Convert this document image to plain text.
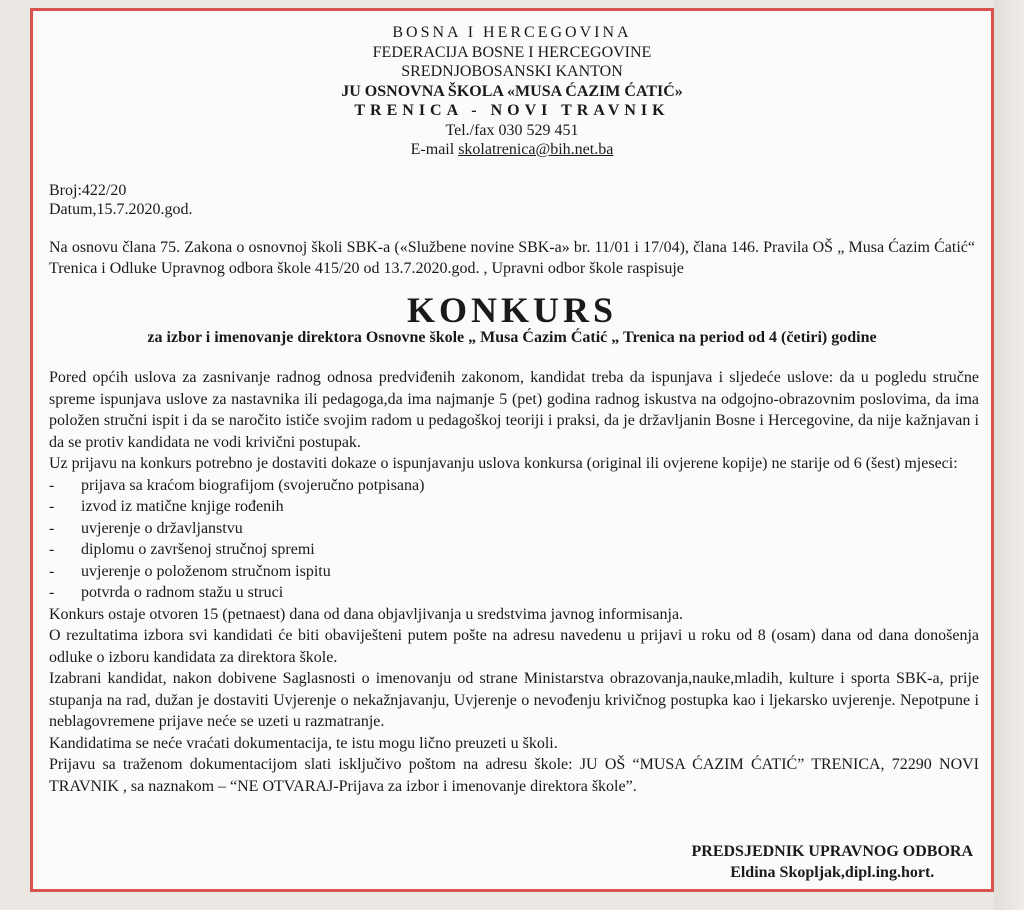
BOSNA I HERCEGOVINA
FEDERACIJA BOSNE I HERCEGOVINE
SREDNJOBOSANSKI KANTON
JU OSNOVNA ŠKOLA «MUSA ĆAZIM ĆATIĆ»
TRENICA - NOVI TRAVNIK
Tel./fax 030 529 451
E-mail skolatrenica@bih.net.ba
Broj:422/20
Datum,15.7.2020.god.
Na osnovu člana 75. Zakona o osnovnoj školi SBK-a («Službene novine SBK-a» br. 11/01 i 17/04), člana 146. Pravila OŠ „ Musa Ćazim Ćatić“ Trenica i Odluke Upravnog odbora škole 415/20 od 13.7.2020.god. , Upravni odbor škole raspisuje
KONKURS
za izbor i imenovanje direktora Osnovne škole „ Musa Ćazim Ćatić „ Trenica na period od 4 (četiri) godine

Pored općih uslova za zasnivanje radnog odnosa predviđenih zakonom, kandidat treba da ispunjava i sljedeće uslove: da u pogledu stručne spreme ispunjava uslove za nastavnika ili pedagoga,da ima najmanje 5 (pet) godina radnog iskustva na odgojno-obrazovnim poslovima, da ima položen stručni ispit i da se naročito ističe svojim radom u pedagoškoj teoriji i praksi, da je državljanin Bosne i Hercegovine, da nije kažnjavan i da se protiv kandidata ne vodi krivični postupak.

Uz prijavu na konkurs potrebno je dostaviti dokaze o ispunjavanju uslova konkursa (original ili ovjerene kopije) ne starije od 6 (šest) mjeseci:

- prijava sa kraćom biografijom (svojeručno potpisana)
- izvod iz matične knjige rođenih
- uvjerenje o državljanstvu
- diplomu o završenoj stručnoj spremi
- uvjerenje o položenom stručnom ispitu
- potvrda o radnom stažu u struci

Konkurs ostaje otvoren 15 (petnaest) dana od dana objavljivanja u sredstvima javnog informisanja.

O rezultatima izbora svi kandidati će biti obaviješteni putem pošte na adresu navedenu u prijavi u roku od 8 (osam) dana od dana donošenja odluke o izboru kandidata za direktora škole.

Izabrani kandidat, nakon dobivene Saglasnosti o imenovanju od strane Ministarstva obrazovanja,nauke,mladih, kulture i sporta SBK-a, prije stupanja na rad, dužan je dostaviti Uvjerenje o nekažnjavanju, Uvjerenje o nevođenju krivičnog postupka kao i ljekarsko uvjerenje. Nepotpune i neblagovremene prijave neće se uzeti u razmatranje.

Kandidatima se neće vraćati dokumentacija, te istu mogu lično preuzeti u školi.

Prijavu sa traženom dokumentacijom slati isključivo poštom na adresu škole: JU OŠ “MUSA ĆAZIM ĆATIĆ” TRENICA, 72290 NOVI TRAVNIK , sa naznakom – “NE OTVARAJ-Prijava za izbor i imenovanje direktora škole”.

PREDSJEDNIK UPRAVNOG ODBORA
Eldina Skopljak,dipl.ing.hort.
